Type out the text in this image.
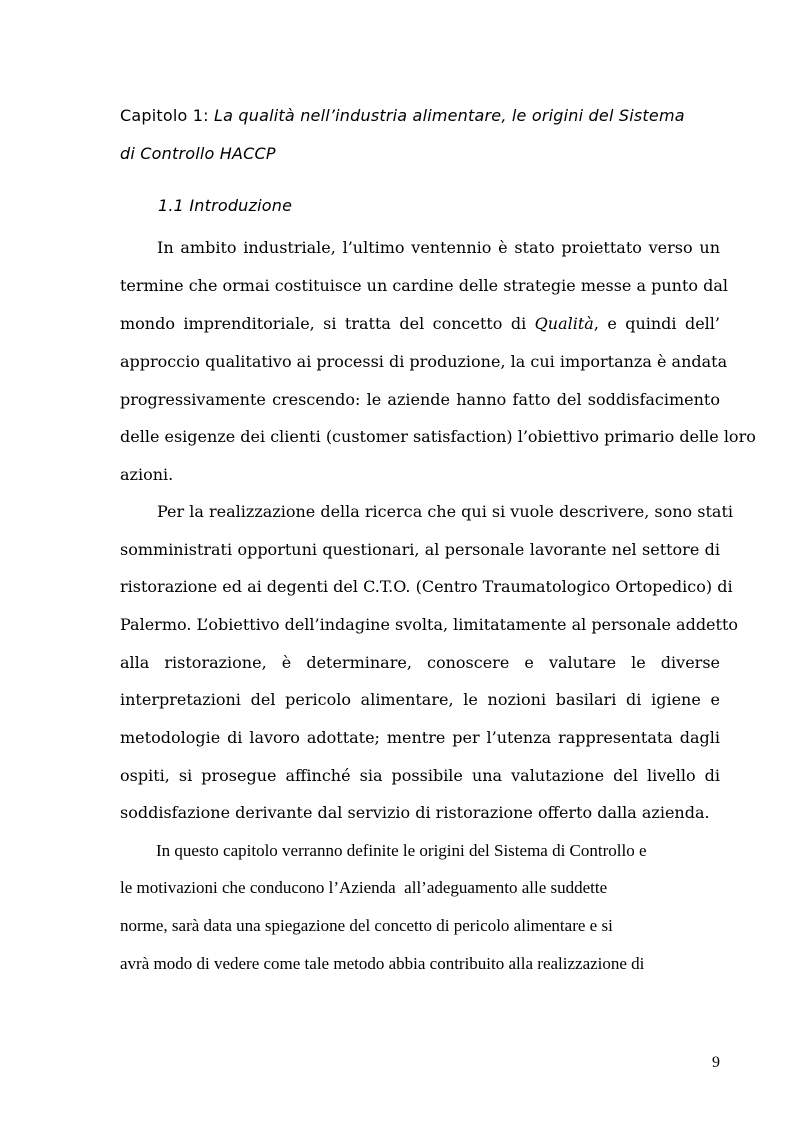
Capitolo 1: La qualità nell’industria alimentare, le origini del Sistema
di Controllo HACCP
1.1 Introduzione
In ambito industriale, l’ultimo ventennio è stato proiettato verso un
termine che ormai costituisce un cardine delle strategie messe a punto dal
mondo imprenditoriale, si tratta del concetto di Qualità, e quindi dell’
approccio qualitativo ai processi di produzione, la cui importanza è andata
progressivamente crescendo: le aziende hanno fatto del soddisfacimento
delle esigenze dei clienti (customer satisfaction) l’obiettivo primario delle loro
azioni.
Per la realizzazione della ricerca che qui si vuole descrivere, sono stati
somministrati opportuni questionari, al personale lavorante nel settore di
ristorazione ed ai degenti del C.T.O. (Centro Traumatologico Ortopedico) di
Palermo. L’obiettivo dell’indagine svolta, limitatamente al personale addetto
alla ristorazione, è determinare, conoscere e valutare le diverse
interpretazioni del pericolo alimentare, le nozioni basilari di igiene e
metodologie di lavoro adottate; mentre per l’utenza rappresentata dagli
ospiti, si prosegue affinché sia possibile una valutazione del livello di
soddisfazione derivante dal servizio di ristorazione offerto dalla azienda.
In questo capitolo verranno definite le origini del Sistema di Controllo e
le motivazioni che conducono l’Azienda  all’adeguamento alle suddette
norme, sarà data una spiegazione del concetto di pericolo alimentare e si
avrà modo di vedere come tale metodo abbia contribuito alla realizzazione di
9
